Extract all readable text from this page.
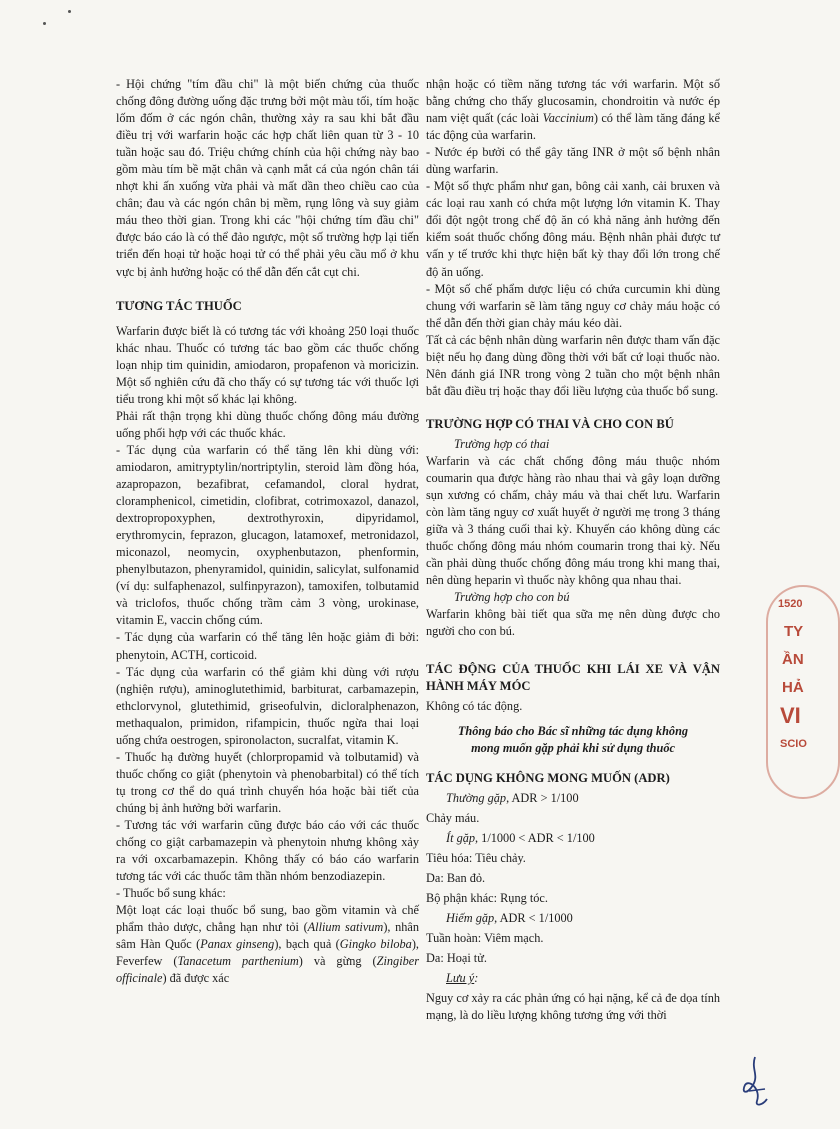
- Hội chứng "tím đầu chi" là một biến chứng của thuốc chống đông đường uống đặc trưng bởi một màu tối, tím hoặc lốm đốm ở các ngón chân, thường xảy ra sau khi bắt đầu điều trị với warfarin hoặc các hợp chất liên quan từ 3 - 10 tuần hoặc sau đó. Triệu chứng chính của hội chứng này bao gồm màu tím bề mặt chân và cạnh mắt cá của ngón chân tái nhợt khi ấn xuống vừa phải và mất dần theo chiều cao của chân; đau và các ngón chân bị mềm, rụng lông và suy giảm máu theo thời gian. Trong khi các "hội chứng tím đầu chi" được báo cáo là có thể đảo ngược, một số trường hợp lại tiến triển đến hoại tử hoặc hoại tử có thể phải yêu cầu mổ ở khu vực bị ảnh hưởng hoặc có thể dẫn đến cắt cụt chi.

TƯƠNG TÁC THUỐC

Warfarin được biết là có tương tác với khoảng 250 loại thuốc khác nhau. Thuốc có tương tác bao gồm các thuốc chống loạn nhịp tim quinidin, amiodaron, propafenon và moricizin. Một số nghiên cứu đã cho thấy có sự tương tác với thuốc lợi tiểu trong khi một số khác lại không.

Phải rất thận trọng khi dùng thuốc chống đông máu đường uống phối hợp với các thuốc khác.

- Tác dụng của warfarin có thể tăng lên khi dùng với: amiodaron, amitryptylin/nortriptylin, steroid làm đồng hóa, azapropazon, bezafibrat, cefamandol, cloral hydrat, cloramphenicol, cimetidin, clofibrat, cotrimoxazol, danazol, dextropropoxyphen, dextrothyroxin, dipyridamol, erythromycin, feprazon, glucagon, latamoxef, metronidazol, miconazol, neomycin, oxyphenbutazon, phenformin, phenylbutazon, phenyramidol, quinidin, salicylat, sulfonamid (ví dụ: sulfaphenazol, sulfinpyrazon), tamoxifen, tolbutamid và triclofos, thuốc chống trầm cảm 3 vòng, urokinase, vitamin E, vaccin chống cúm.

- Tác dụng của warfarin có thể tăng lên hoặc giảm đi bởi: phenytoin, ACTH, corticoid.

- Tác dụng của warfarin có thể giảm khi dùng với rượu (nghiện rượu), aminoglutethimid, barbiturat, carbamazepin, ethclorvynol, glutethimid, griseofulvin, dicloralphenazon, methaqualon, primidon, rifampicin, thuốc ngừa thai loại uống chứa oestrogen, spironolacton, sucralfat, vitamin K.

- Thuốc hạ đường huyết (chlorpropamid và tolbutamid) và thuốc chống co giật (phenytoin và phenobarbital) có thể tích tụ trong cơ thể do quá trình chuyển hóa hoặc bài tiết của chúng bị ảnh hưởng bởi warfarin.

- Tương tác với warfarin cũng được báo cáo với các thuốc chống co giật carbamazepin và phenytoin nhưng không xảy ra với oxcarbamazepin. Không thấy có báo cáo warfarin tương tác với các thuốc tâm thần nhóm benzodiazepin.

- Thuốc bổ sung khác:

Một loạt các loại thuốc bổ sung, bao gồm vitamin và chế phẩm thảo dược, chẳng hạn như tỏi (Allium sativum), nhân sâm Hàn Quốc (Panax ginseng), bạch quả (Gingko biloba), Feverfew (Tanacetum parthenium) và gừng (Zingiber officinale) đã được xác

nhận hoặc có tiềm năng tương tác với warfarin. Một số bằng chứng cho thấy glucosamin, chondroitin và nước ép nam việt quất (các loài Vaccinium) có thể làm tăng đáng kể tác động của warfarin.

- Nước ép bưởi có thể gây tăng INR ở một số bệnh nhân dùng warfarin.

- Một số thực phẩm như gan, bông cải xanh, cải bruxen và các loại rau xanh có chứa một lượng lớn vitamin K. Thay đổi đột ngột trong chế độ ăn có khả năng ảnh hưởng đến kiểm soát thuốc chống đông máu. Bệnh nhân phải được tư vấn y tế trước khi thực hiện bất kỳ thay đổi lớn trong chế độ ăn uống.

- Một số chế phẩm dược liệu có chứa curcumin khi dùng chung với warfarin sẽ làm tăng nguy cơ chảy máu hoặc có thể dẫn đến thời gian chảy máu kéo dài.

Tất cả các bệnh nhân dùng warfarin nên được tham vấn đặc biệt nếu họ đang dùng đồng thời với bất cứ loại thuốc nào. Nên đánh giá INR trong vòng 2 tuần cho một bệnh nhân bắt đầu điều trị hoặc thay đổi liều lượng của thuốc bổ sung.

TRƯỜNG HỢP CÓ THAI VÀ CHO CON BÚ

Trường hợp có thai

Warfarin và các chất chống đông máu thuộc nhóm coumarin qua được hàng rào nhau thai và gây loạn dưỡng sụn xương có chấm, chảy máu và thai chết lưu. Warfarin còn làm tăng nguy cơ xuất huyết ở người mẹ trong 3 tháng giữa và 3 tháng cuối thai kỳ. Khuyến cáo không dùng các thuốc chống đông máu nhóm coumarin trong thai kỳ. Nếu cần phải dùng thuốc chống đông máu trong khi mang thai, nên dùng heparin vì thuốc này không qua nhau thai.

Trường hợp cho con bú

Warfarin không bài tiết qua sữa mẹ nên dùng được cho người cho con bú.

TÁC ĐỘNG CỦA THUỐC KHI LÁI XE VÀ VẬN HÀNH MÁY MÓC

Không có tác động.

Thông báo cho Bác sĩ những tác dụng không mong muốn gặp phải khi sử dụng thuốc

TÁC DỤNG KHÔNG MONG MUỐN (ADR)

Thường gặp, ADR > 1/100

Chảy máu.

Ít gặp, 1/1000 < ADR < 1/100

Tiêu hóa: Tiêu chảy.

Da: Ban đỏ.

Bộ phận khác: Rụng tóc.

Hiếm gặp, ADR < 1/1000

Tuần hoàn: Viêm mạch.

Da: Hoại tử.

Lưu ý:

Nguy cơ xảy ra các phản ứng có hại nặng, kể cả đe dọa tính mạng, là do liều lượng không tương ứng với thời

1520
TY
ẦN
HẢ
VI
SCIO
